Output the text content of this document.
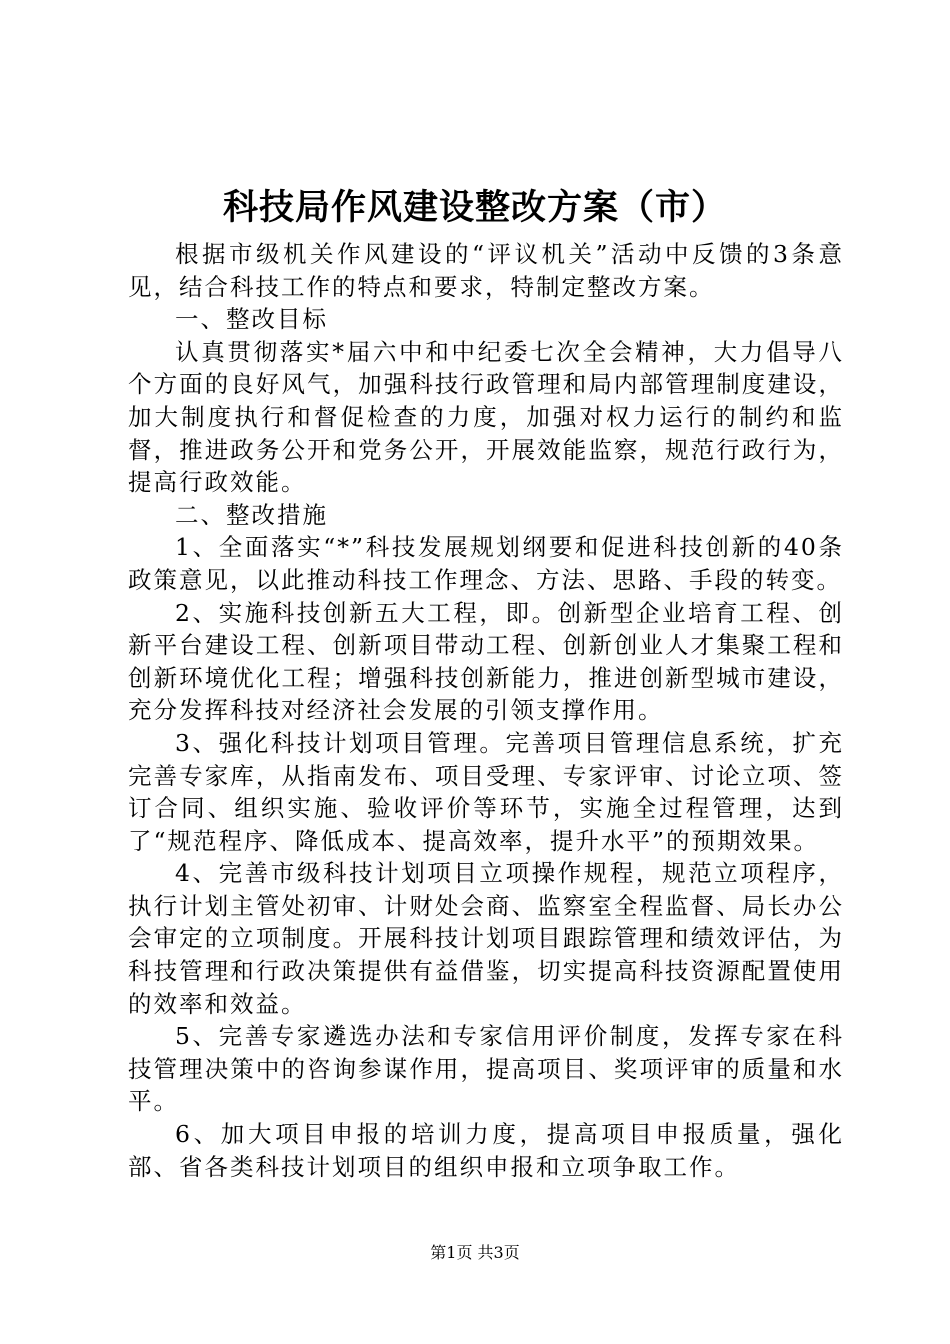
科技局作风建设整改方案（市）

根据市级机关作风建设的“评议机关”活动中反馈的3条意见，结合科技工作的特点和要求，特制定整改方案。

一、整改目标

认真贯彻落实*届六中和中纪委七次全会精神，大力倡导八个方面的良好风气，加强科技行政管理和局内部管理制度建设，加大制度执行和督促检查的力度，加强对权力运行的制约和监督，推进政务公开和党务公开，开展效能监察，规范行政行为，提高行政效能。

二、整改措施

1、全面落实“*”科技发展规划纲要和促进科技创新的40条政策意见，以此推动科技工作理念、方法、思路、手段的转变。

2、实施科技创新五大工程，即。创新型企业培育工程、创新平台建设工程、创新项目带动工程、创新创业人才集聚工程和创新环境优化工程；增强科技创新能力，推进创新型城市建设，充分发挥科技对经济社会发展的引领支撑作用。

3、强化科技计划项目管理。完善项目管理信息系统，扩充完善专家库，从指南发布、项目受理、专家评审、讨论立项、签订合同、组织实施、验收评价等环节，实施全过程管理，达到了“规范程序、降低成本、提高效率，提升水平”的预期效果。

4、完善市级科技计划项目立项操作规程，规范立项程序，执行计划主管处初审、计财处会商、监察室全程监督、局长办公会审定的立项制度。开展科技计划项目跟踪管理和绩效评估，为科技管理和行政决策提供有益借鉴，切实提高科技资源配置使用的效率和效益。

5、完善专家遴选办法和专家信用评价制度，发挥专家在科技管理决策中的咨询参谋作用，提高项目、奖项评审的质量和水平。

6、加大项目申报的培训力度，提高项目申报质量，强化部、省各类科技计划项目的组织申报和立项争取工作。

第1页 共3页
